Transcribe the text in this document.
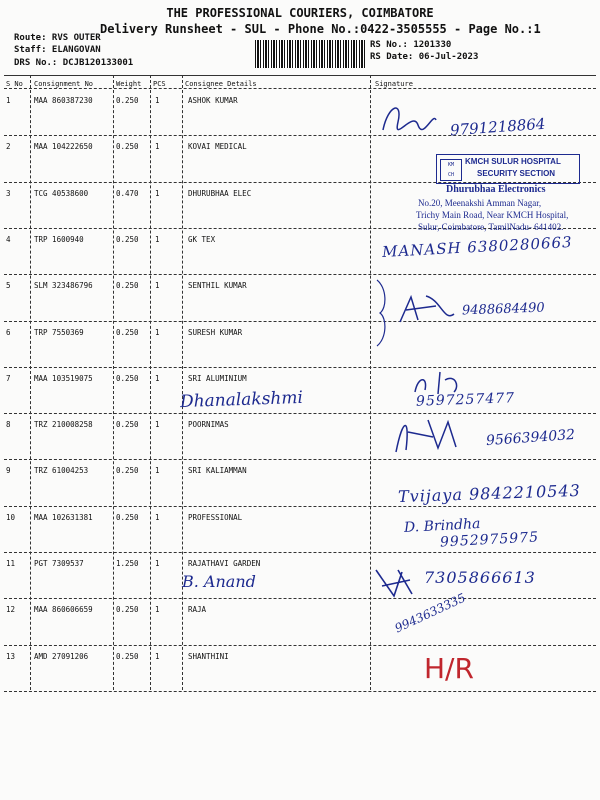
THE PROFESSIONAL COURIERS, COIMBATORE
Delivery Runsheet - SUL - Phone No.:0422-3505555 - Page No.:1
Route: RVS OUTER
Staff: ELANGOVAN
DRS No.: DCJB120133001
RS No.: 1201330
RS Date: 06-Jul-2023
S No Consignment No	Weight PCS	Consignee Details	Signature
1	MAA 860387230	0.250 1	ASHOK KUMAR
2	MAA 104222650	0.250 1	KOVAI MEDICAL
3	TCG 40538600	0.470 1	DHURUBHAA ELEC
4	TRP 1600940	0.250 1	GK TEX
5	SLM 323486796	0.250 1	SENTHIL KUMAR
6	TRP 7550369	0.250 1	SURESH KUMAR
7	MAA 103519075	0.250 1	SRI ALUMINIUM
8	TRZ 210008258	0.250 1	POORNIMAS
9	TRZ 61004253	0.250 1	SRI KALIAMMAN
10	MAA 102631381	0.250 1	PROFESSIONAL
11	PGT 7309537	1.250 1	RAJATHAVI GARDEN
12	MAA 860606659	0.250 1	RAJA
13	AMD 27091206	0.250 1	SHANTHINI
KM
CH
KMCH SULUR HOSPITAL
SECURITY SECTION
Dhurubhaa Electronics
No.20, Meenakshi Amman Nagar,
Trichy Main Road, Near KMCH Hospital,
Sulur, Coimbatore, TamilNadu- 641402.
9791218864
MANASH 6380280663
9488684490
Dhanalakshmi	9597257477
9566394032
Tvijaya 9842210543
D. Brindha
9952975975
B. Anand	7305866613
9943633335
H/R
